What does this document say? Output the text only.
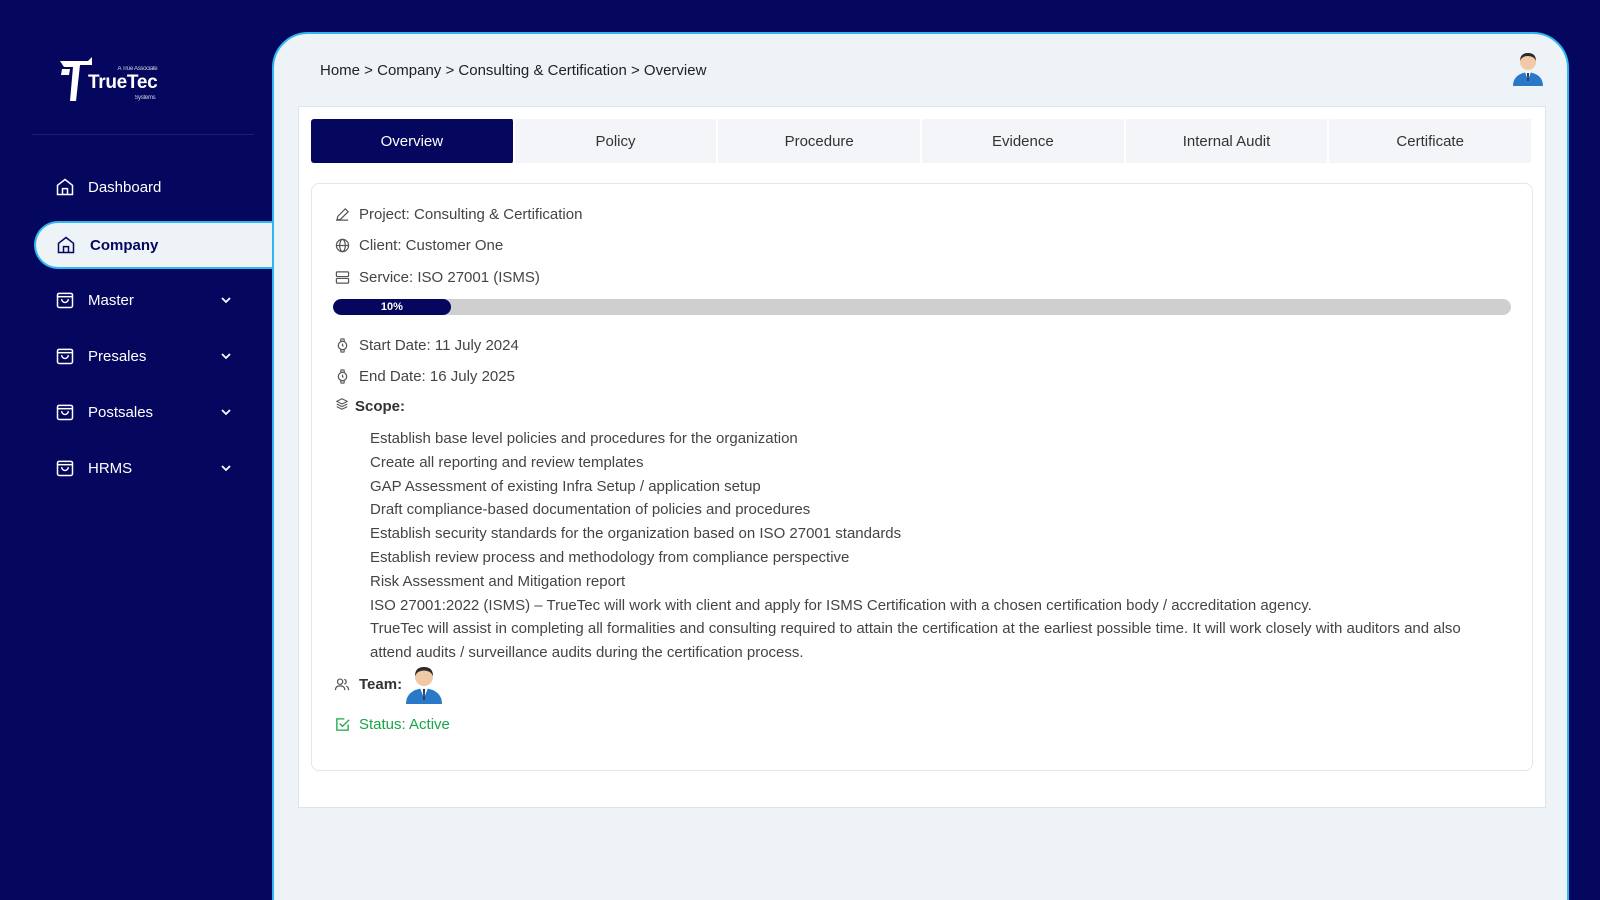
TrueTec
A True Associate
Systems
Dashboard
Company
Master
Presales
Postsales
HRMS
Home > Company > Consulting & Certification > Overview
Overview	Policy	Procedure	Evidence	Internal Audit	Certificate
Project: Consulting & Certification
Client: Customer One
Service: ISO 27001 (ISMS)
10%
Start Date: 11 July 2024
End Date: 16 July 2025
Scope:
Establish base level policies and procedures for the organization
Create all reporting and review templates
GAP Assessment of existing Infra Setup / application setup
Draft compliance-based documentation of policies and procedures
Establish security standards for the organization based on ISO 27001 standards
Establish review process and methodology from compliance perspective
Risk Assessment and Mitigation report
ISO 27001:2022 (ISMS) – TrueTec will work with client and apply for ISMS Certification with a chosen certification body / accreditation agency.
TrueTec will assist in completing all formalities and consulting required to attain the certification at the earliest possible time. It will work closely with auditors and also attend audits / surveillance audits during the certification process.
Team:
Status: Active
